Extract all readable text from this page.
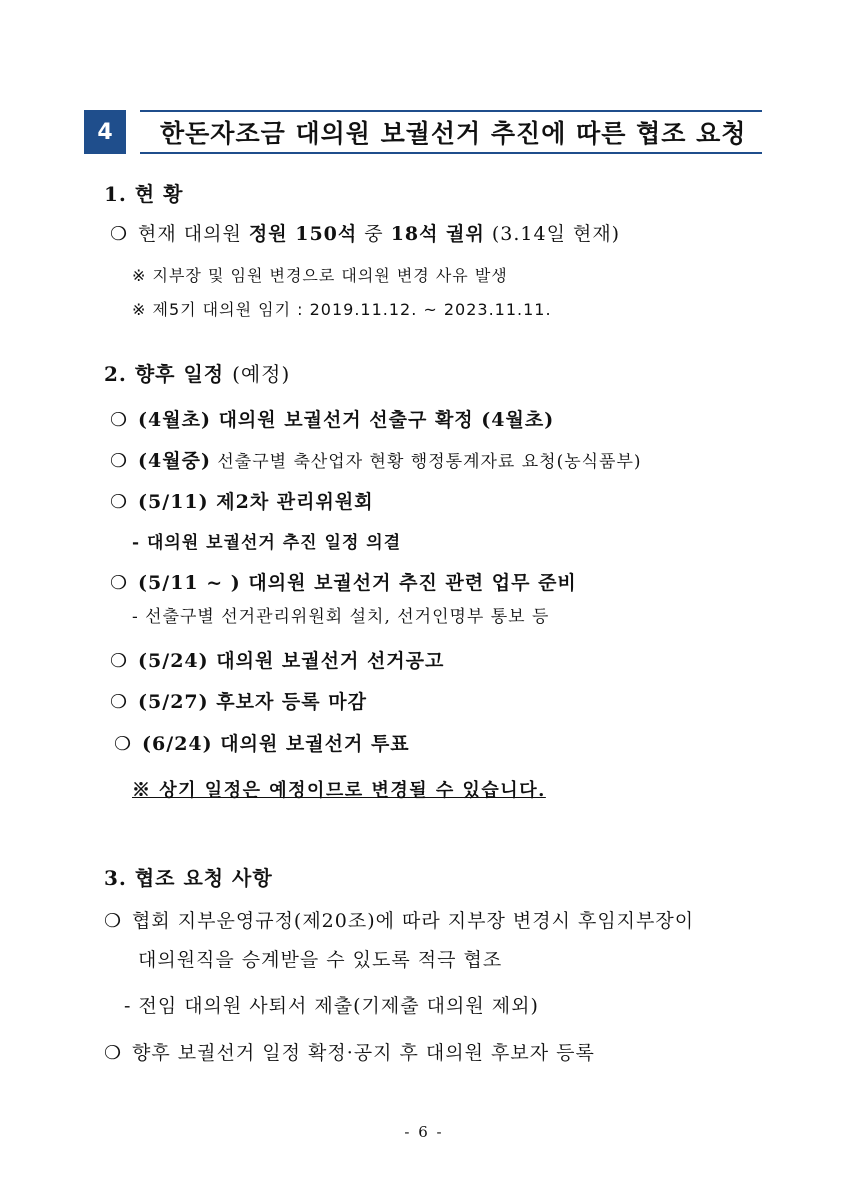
4	한돈자조금 대의원 보궐선거 추진에 따른 협조 요청
1. 현 황
❍ 현재 대의원 정원 150석 중 18석 궐위 (3.14일 현재)
※ 지부장 및 임원 변경으로 대의원 변경 사유 발생
※ 제5기 대의원 임기 : 2019.11.12. ~ 2023.11.11.
2. 향후 일정 (예정)
❍ (4월초) 대의원 보궐선거 선출구 확정 (4월초)
❍ (4월중) 선출구별 축산업자 현황 행정통계자료 요청(농식품부)
❍ (5/11) 제2차 관리위원회
- 대의원 보궐선거 추진 일정 의결
❍ (5/11 ~ ) 대의원 보궐선거 추진 관련 업무 준비
- 선출구별 선거관리위원회 설치, 선거인명부 통보 등
❍ (5/24) 대의원 보궐선거 선거공고
❍ (5/27) 후보자 등록 마감
❍ (6/24) 대의원 보궐선거 투표
※ 상기 일정은 예정이므로 변경될 수 있습니다.
3. 협조 요청 사항
❍ 협회 지부운영규정(제20조)에 따라 지부장 변경시 후임지부장이
대의원직을 승계받을 수 있도록 적극 협조
- 전임 대의원 사퇴서 제출(기제출 대의원 제외)
❍ 향후 보궐선거 일정 확정·공지 후 대의원 후보자 등록
- 6 -
